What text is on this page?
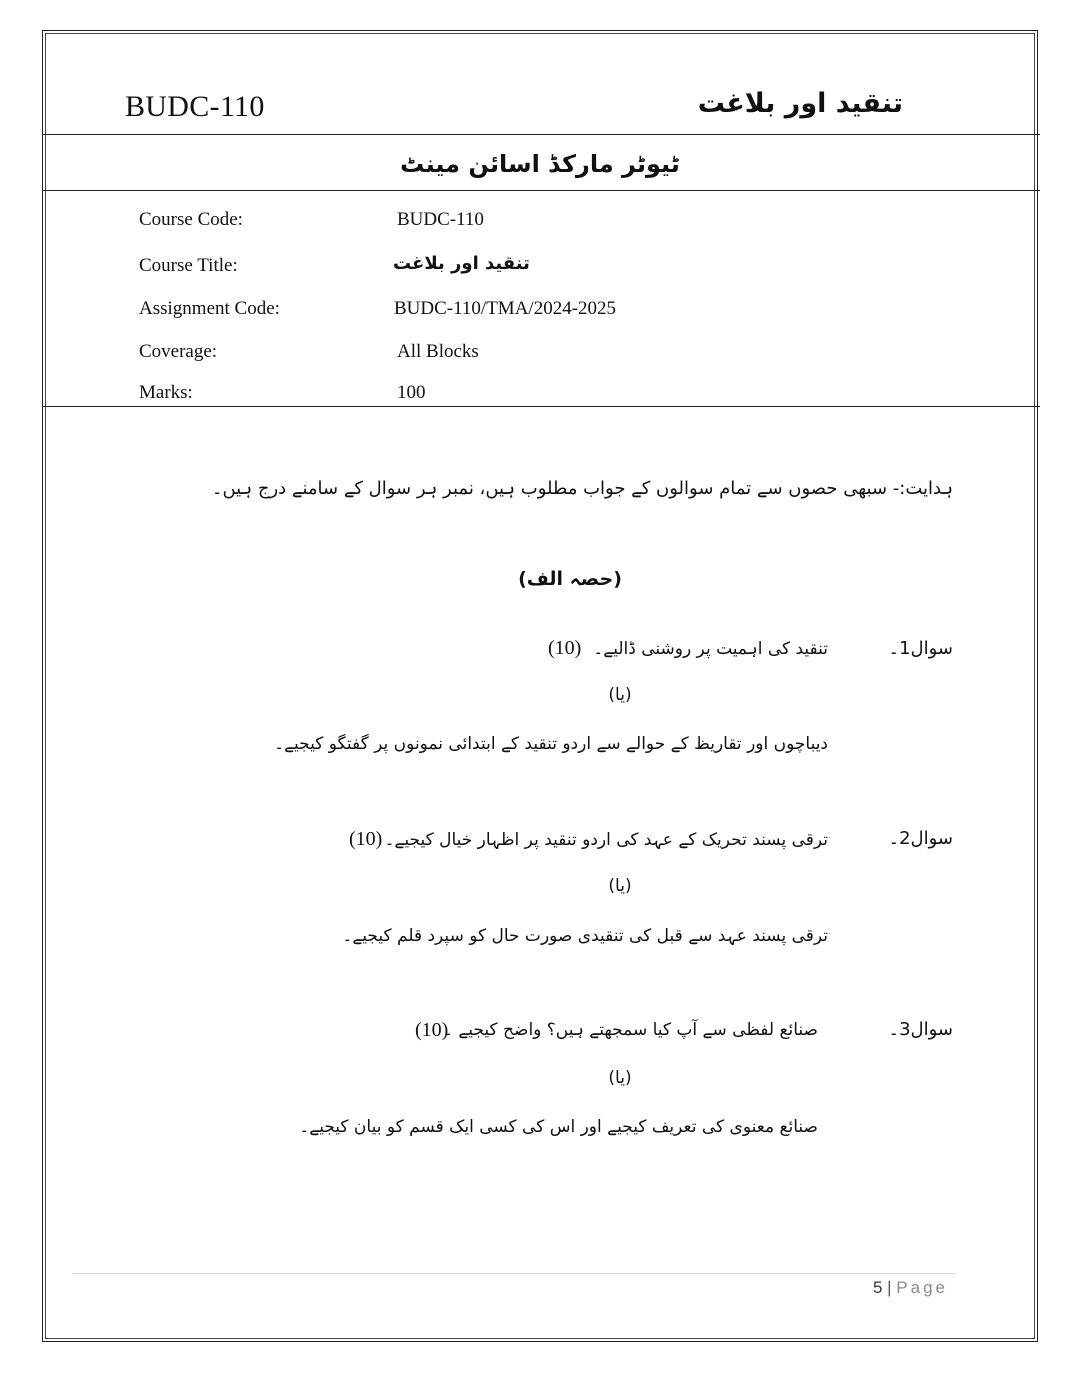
BUDC-110	تنقید اور بلاغت
ٹیوٹر مارکڈ اسائن مینٹ
Course Code:	BUDC-110
Course Title:	تنقید اور بلاغت
Assignment Code:	BUDC-110/TMA/2024-2025
Coverage:	All Blocks
Marks:	100
ہدایت:- سبھی حصوں سے تمام سوالوں کے جواب مطلوب ہیں، نمبر ہر سوال کے سامنے درج ہیں۔
(حصہ الف)
سوال1۔
تنقید کی اہمیت پر روشنی ڈالیے۔
(10)
(یا)
دیباچوں اور تقاریظ کے حوالے سے اردو تنقید کے ابتدائی نمونوں پر گفتگو کیجیے۔
سوال2۔
ترقی پسند تحریک کے عہد کی اردو تنقید پر اظہار خیال کیجیے۔
(10)
(یا)
ترقی پسند عہد سے قبل کی تنقیدی صورت حال کو سپرد قلم کیجیے۔
سوال3۔
صنائع لفظی سے آپ کیا سمجھتے ہیں؟ واضح کیجیے ۔
(10)
(یا)
صنائع معنوی کی تعریف کیجیے اور اس کی کسی ایک قسم کو بیان کیجیے۔
5 | Page
